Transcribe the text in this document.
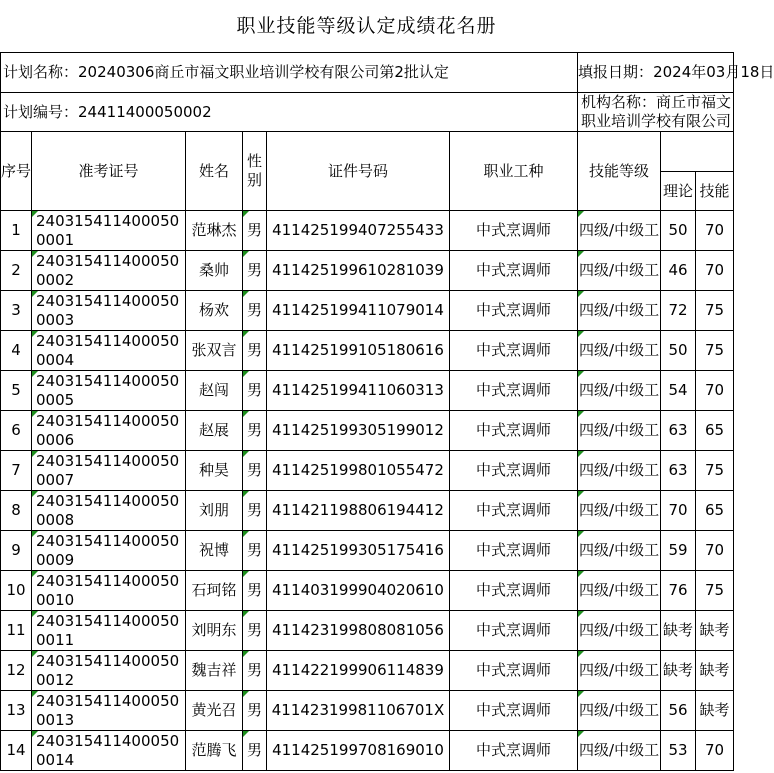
职业技能等级认定成绩花名册
计划名称：20240306商丘市福文职业培训学校有限公司第2批认定						填报日期：2024年03月18日		
计划编号：24411400050002						机构名称：商丘市福文职业培训学校有限公司		
序号	准考证号	姓名	性别	证件号码	职业工种	技能等级		
							理论	技能
1	2403154114000500001	范琳杰	男	411425199407255433	中式烹调师	四级/中级工	50	70
2	2403154114000500002	桑帅	男	411425199610281039	中式烹调师	四级/中级工	46	70
3	2403154114000500003	杨欢	男	411425199411079014	中式烹调师	四级/中级工	72	75
4	2403154114000500004	张双言	男	411425199105180616	中式烹调师	四级/中级工	50	75
5	2403154114000500005	赵闯	男	411425199411060313	中式烹调师	四级/中级工	54	70
6	2403154114000500006	赵展	男	411425199305199012	中式烹调师	四级/中级工	63	65
7	2403154114000500007	种昊	男	411425199801055472	中式烹调师	四级/中级工	63	75
8	2403154114000500008	刘朋	男	411421198806194412	中式烹调师	四级/中级工	70	65
9	2403154114000500009	祝博	男	411425199305175416	中式烹调师	四级/中级工	59	70
10	2403154114000500010	石珂铭	男	411403199904020610	中式烹调师	四级/中级工	76	75
11	2403154114000500011	刘明东	男	411423199808081056	中式烹调师	四级/中级工	缺考	缺考
12	2403154114000500012	魏吉祥	男	411422199906114839	中式烹调师	四级/中级工	缺考	缺考
13	2403154114000500013	黄光召	男	41142319981106701X	中式烹调师	四级/中级工	56	缺考
14	2403154114000500014	范腾飞	男	411425199708169010	中式烹调师	四级/中级工	53	70
